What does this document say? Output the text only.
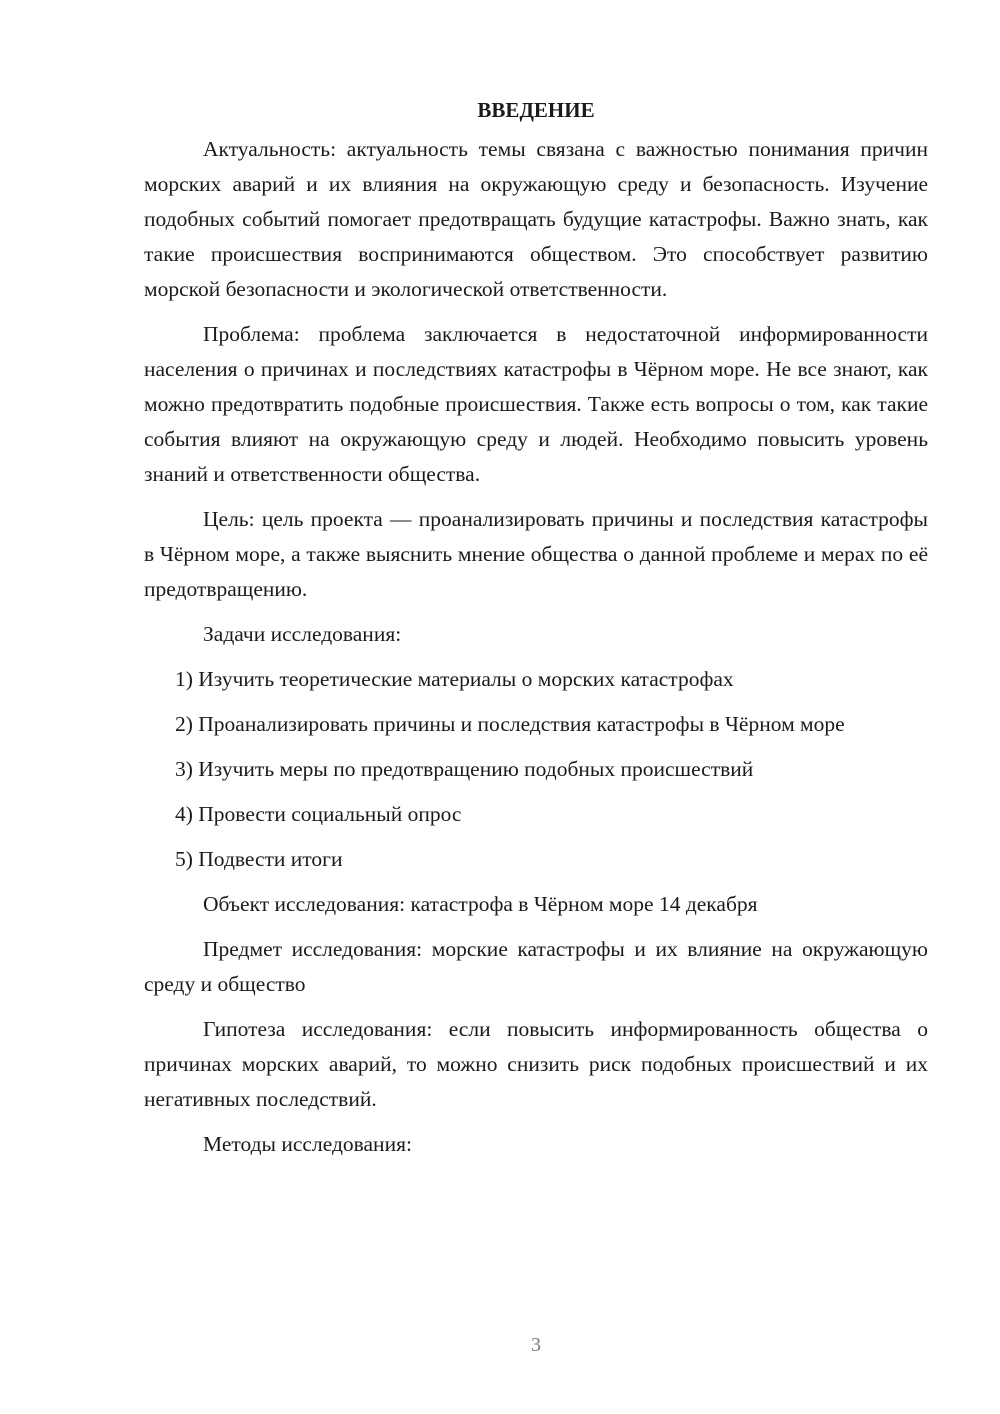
ВВЕДЕНИЕ

Актуальность: актуальность темы связана с важностью понимания причин морских аварий и их влияния на окружающую среду и безопасность. Изучение подобных событий помогает предотвращать будущие катастрофы. Важно знать, как такие происшествия воспринимаются обществом. Это способствует развитию морской безопасности и экологической ответственности.

Проблема: проблема заключается в недостаточной информированности населения о причинах и последствиях катастрофы в Чёрном море. Не все знают, как можно предотвратить подобные происшествия. Также есть вопросы о том, как такие события влияют на окружающую среду и людей. Необходимо повысить уровень знаний и ответственности общества.

Цель: цель проекта — проанализировать причины и последствия катастрофы в Чёрном море, а также выяснить мнение общества о данной проблеме и мерах по её предотвращению.

Задачи исследования:

1) Изучить теоретические материалы о морских катастрофах

2) Проанализировать причины и последствия катастрофы в Чёрном море

3) Изучить меры по предотвращению подобных происшествий

4) Провести социальный опрос

5) Подвести итоги

Объект исследования: катастрофа в Чёрном море 14 декабря

Предмет исследования: морские катастрофы и их влияние на окружающую среду и общество

Гипотеза исследования: если повысить информированность общества о причинах морских аварий, то можно снизить риск подобных происшествий и их негативных последствий.

Методы исследования:

3
